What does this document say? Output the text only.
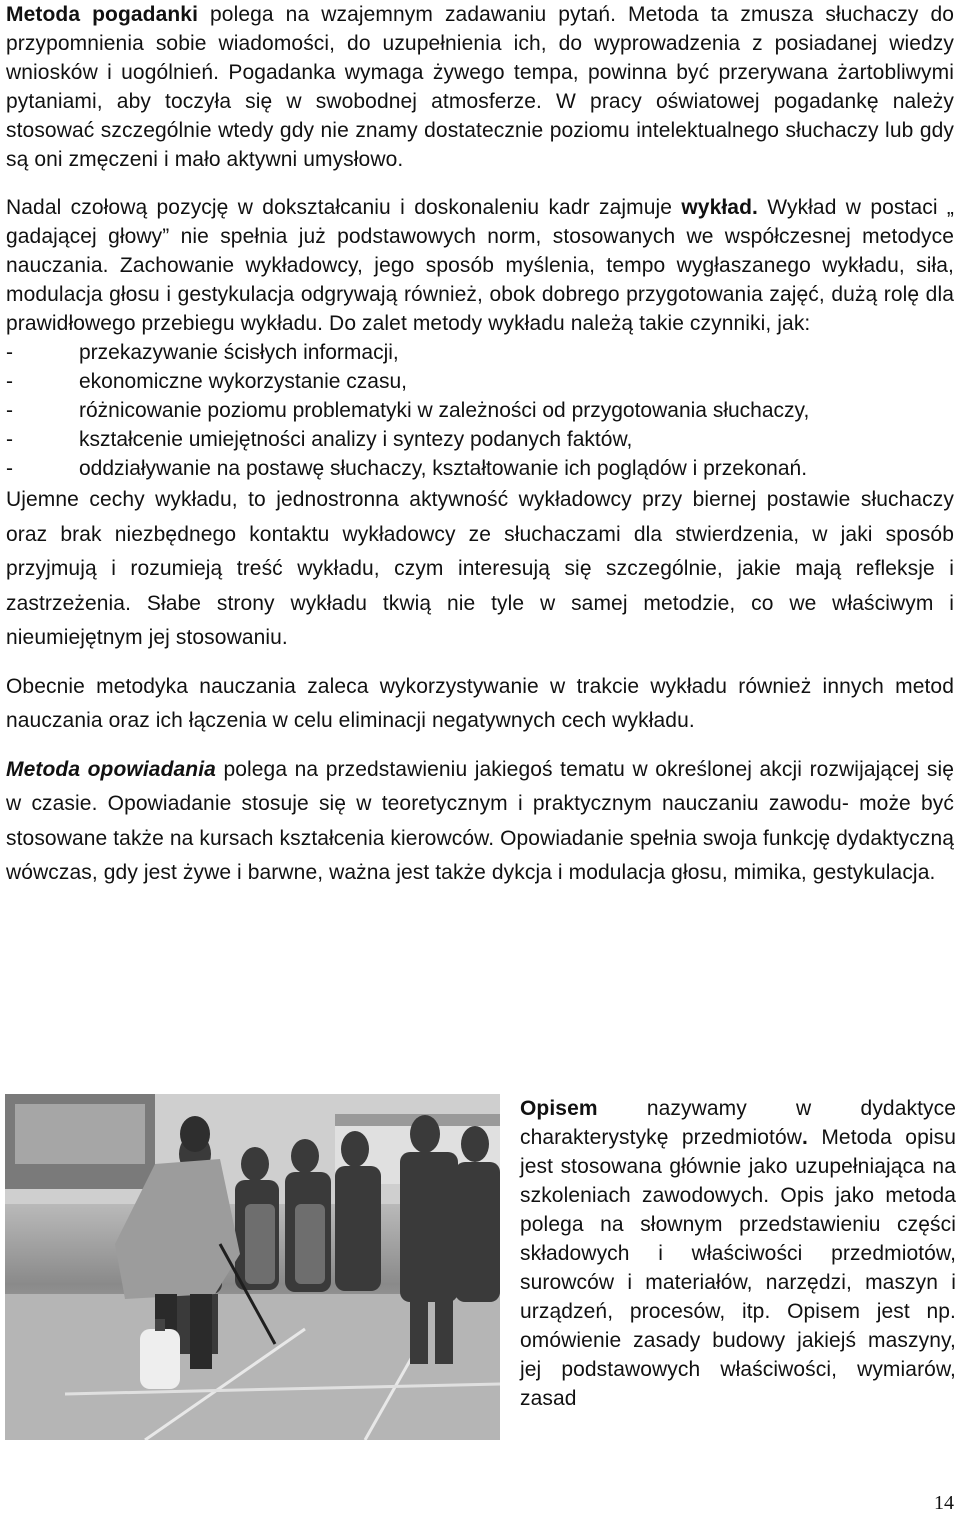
Metoda pogadanki polega na wzajemnym zadawaniu pytań. Metoda ta zmusza słuchaczy do przypomnienia sobie wiadomości, do uzupełnienia ich, do wyprowadzenia z posiadanej wiedzy wniosków i uogólnień. Pogadanka wymaga żywego tempa, powinna być przerywana żartobliwymi pytaniami, aby toczyła się w swobodnej atmosferze. W pracy oświatowej pogadankę należy stosować szczególnie wtedy gdy nie znamy dostatecznie poziomu intelektualnego słuchaczy lub gdy są oni zmęczeni i mało aktywni umysłowo.

Nadal czołową pozycję w dokształcaniu i doskonaleniu kadr zajmuje wykład. Wykład w postaci „ gadającej głowy” nie spełnia już podstawowych norm, stosowanych we współczesnej metodyce nauczania. Zachowanie wykładowcy, jego sposób myślenia, tempo wygłaszanego wykładu, siła, modulacja głosu i gestykulacja odgrywają również, obok dobrego przygotowania zajęć, dużą rolę dla prawidłowego przebiegu wykładu. Do zalet metody wykładu należą takie czynniki, jak:

-	przekazywanie ścisłych informacji,
-	ekonomiczne wykorzystanie czasu,
-	różnicowanie poziomu problematyki w zależności od przygotowania słuchaczy,
-	kształcenie umiejętności analizy i syntezy podanych faktów,
-	oddziaływanie na postawę słuchaczy, kształtowanie ich poglądów i przekonań.

Ujemne cechy wykładu, to jednostronna aktywność wykładowcy przy biernej postawie słuchaczy oraz brak niezbędnego kontaktu wykładowcy ze słuchaczami dla stwierdzenia, w jaki sposób przyjmują i rozumieją treść wykładu, czym interesują się szczególnie, jakie mają refleksje i zastrzeżenia. Słabe strony wykładu tkwią nie tyle w samej metodzie, co we właściwym i nieumiejętnym jej stosowaniu.

Obecnie metodyka nauczania zaleca wykorzystywanie w trakcie wykładu również innych metod nauczania oraz ich łączenia w celu eliminacji negatywnych cech wykładu.

Metoda opowiadania polega na przedstawieniu jakiegoś tematu w określonej akcji rozwijającej się w czasie. Opowiadanie stosuje się w teoretycznym i praktycznym nauczaniu zawodu- może być stosowane także na kursach kształcenia kierowców. Opowiadanie spełnia swoja funkcję dydaktyczną wówczas, gdy jest żywe i barwne, ważna jest także dykcja i modulacja głosu, mimika, gestykulacja.

Opisem nazywamy w dydaktyce charakterystykę przedmiotów. Metoda opisu jest stosowana głównie jako uzupełniająca na szkoleniach zawodowych. Opis jako metoda polega na słownym przedstawieniu części składowych i właściwości przedmiotów, surowców i materiałów, narzędzi, maszyn i urządzeń, procesów, itp. Opisem jest np. omówienie zasady budowy jakiejś maszyny, jej podstawowych właściwości, wymiarów, zasad

14
